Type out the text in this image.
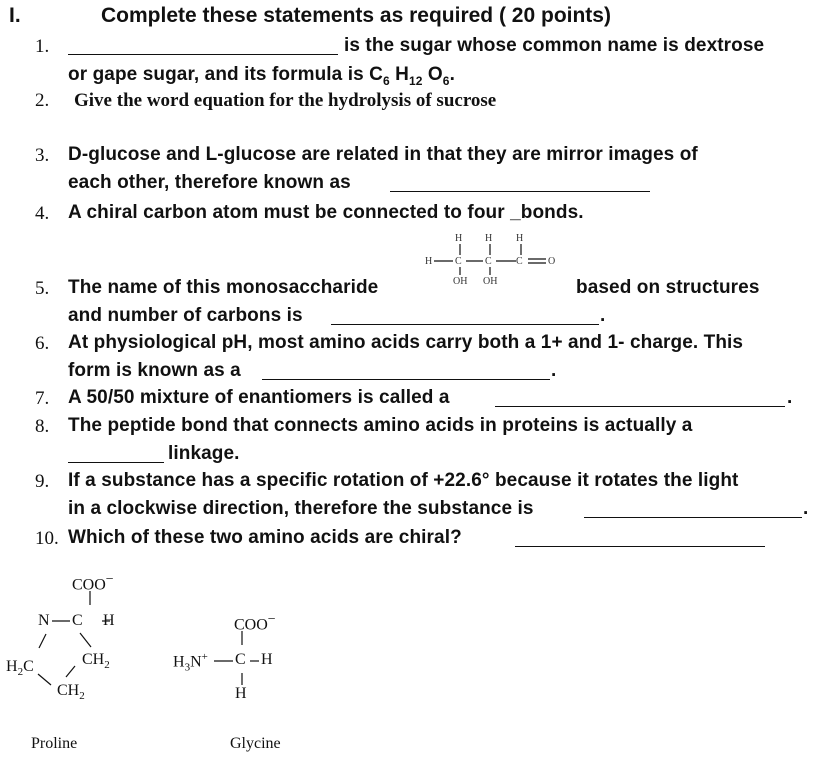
I.	Complete these statements as required ( 20 points)
1.	is the sugar whose common name is dextrose
or gape sugar, and its formula is $C_6$ $H_{12}$ $O_6$.
2. Give the word equation for the hydrolysis of sucrose
3. D-glucose and L-glucose are related in that they are mirror images of
each other, therefore known as
4. A chiral carbon atom must be connected to four _bonds.
H
H H H
C C C	O
OH OH
5. The name of this monosaccharide	based on structures
and number of carbons is	.
6. At physiological pH, most amino acids carry both a 1+ and 1- charge. This
form is known as a	.
7. A 50/50 mixture of enantiomers is called a	.
8. The peptide bond that connects amino acids in proteins is actually a
linkage.
9. If a substance has a specific rotation of +22.6° because it rotates the light
in a clockwise direction, therefore the substance is	.
10. Which of these two amino acids are chiral?
COO−
N C H
$CH_2$
$H_2C$
$CH_2$
Proline
COO−
$H_3N^+$ C H
H
Glycine
